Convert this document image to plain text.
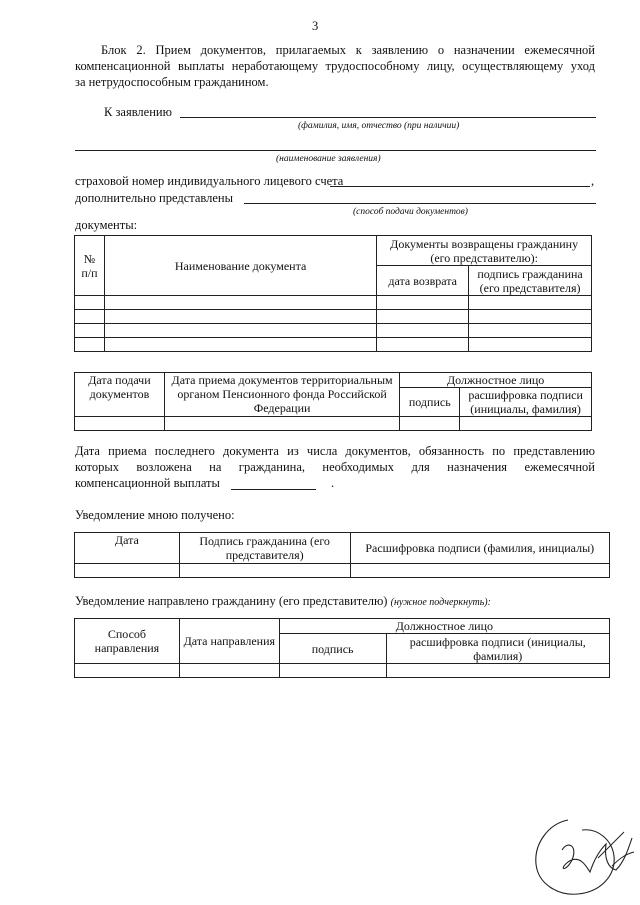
3
Блок 2. Прием документов, прилагаемых к заявлению о назначении ежемесячной
компенсационной выплаты неработающему трудоспособному лицу, осуществляющему уход
за нетрудоспособным гражданином.
К заявлению
(фамилия, имя, отчество (при наличии)
(наименование заявления)
страховой номер индивидуального лицевого счета	,
дополнительно представлены
(способ подачи документов)
документы:
№
п/п	Наименование документа	Документы возвращены гражданину (его представителю):	
		дата возврата	подпись гражданина (его представителя)

Дата подачи документов	Дата приема документов территориальным органом Пенсионного фонда Российской Федерации	Должностное лицо	
		подпись	расшифровка подписи (инициалы, фамилия)

Дата приема последнего документа из числа документов, обязанность по представлению
которых возложена на гражданина, необходимых для назначения ежемесячной
компенсационной выплаты	.
Уведомление мною получено:
Дата	Подпись гражданина (его представителя)	Расшифровка подписи (фамилия, инициалы)

Уведомление направлено гражданину (его представителю) (нужное подчеркнуть):
Способ направления	Дата направления	Должностное лицо	
		подпись	расшифровка подписи (инициалы, фамилия)
